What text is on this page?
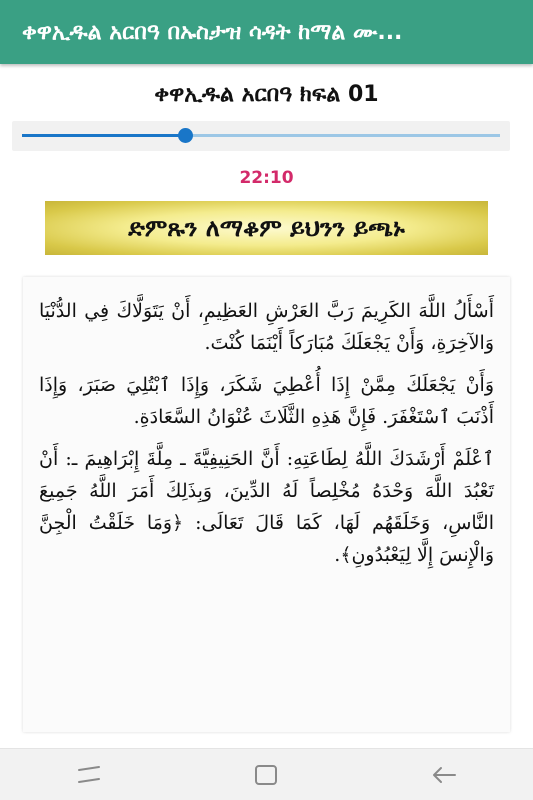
ቀዋኢዱል አርበዓ በኡስታዝ ሳዳት ከማል ሙ...
ቀዋኢዱል አርበዓ ክፍል 01
22:10
ድምጹን ለማቆም ይህንን ይጫኑ

أَسْأَلُ اللَّهَ الكَرِيمَ رَبَّ العَرْشِ العَظِيمِ، أَنْ يَتَوَلَّاكَ فِي الدُّنْيَا وَالآخِرَةِ، وَأَنْ يَجْعَلَكَ مُبَارَكاً أَيْنَمَا كُنْتَ.

وَأَنْ يَجْعَلَكَ مِمَّنْ إِذَا أُعْطِيَ شَكَرَ، وَإِذَا ٱبْتُلِيَ صَبَرَ، وَإِذَا أَذْنَبَ ٱسْتَغْفَرَ. فَإِنَّ هَذِهِ الثَّلَاثَ عُنْوَانُ السَّعَادَةِ.

ٱعْلَمْ أَرْشَدَكَ اللَّهُ لِطَاعَتِهِ: أَنَّ الحَنِيفِيَّةَ ـ مِلَّةَ إِبْرَاهِيمَ ـ: أَنْ تَعْبُدَ اللَّهَ وَحْدَهُ مُخْلِصاً لَهُ الدِّينَ، وَبِذَلِكَ أَمَرَ اللَّهُ جَمِيعَ النَّاسِ، وَخَلَقَهُم لَهَا، كَمَا قَالَ تَعَالَى: ﴿وَمَا خَلَقْتُ الْجِنَّ وَالْإِنسَ إِلَّا لِيَعْبُدُونِ﴾.
